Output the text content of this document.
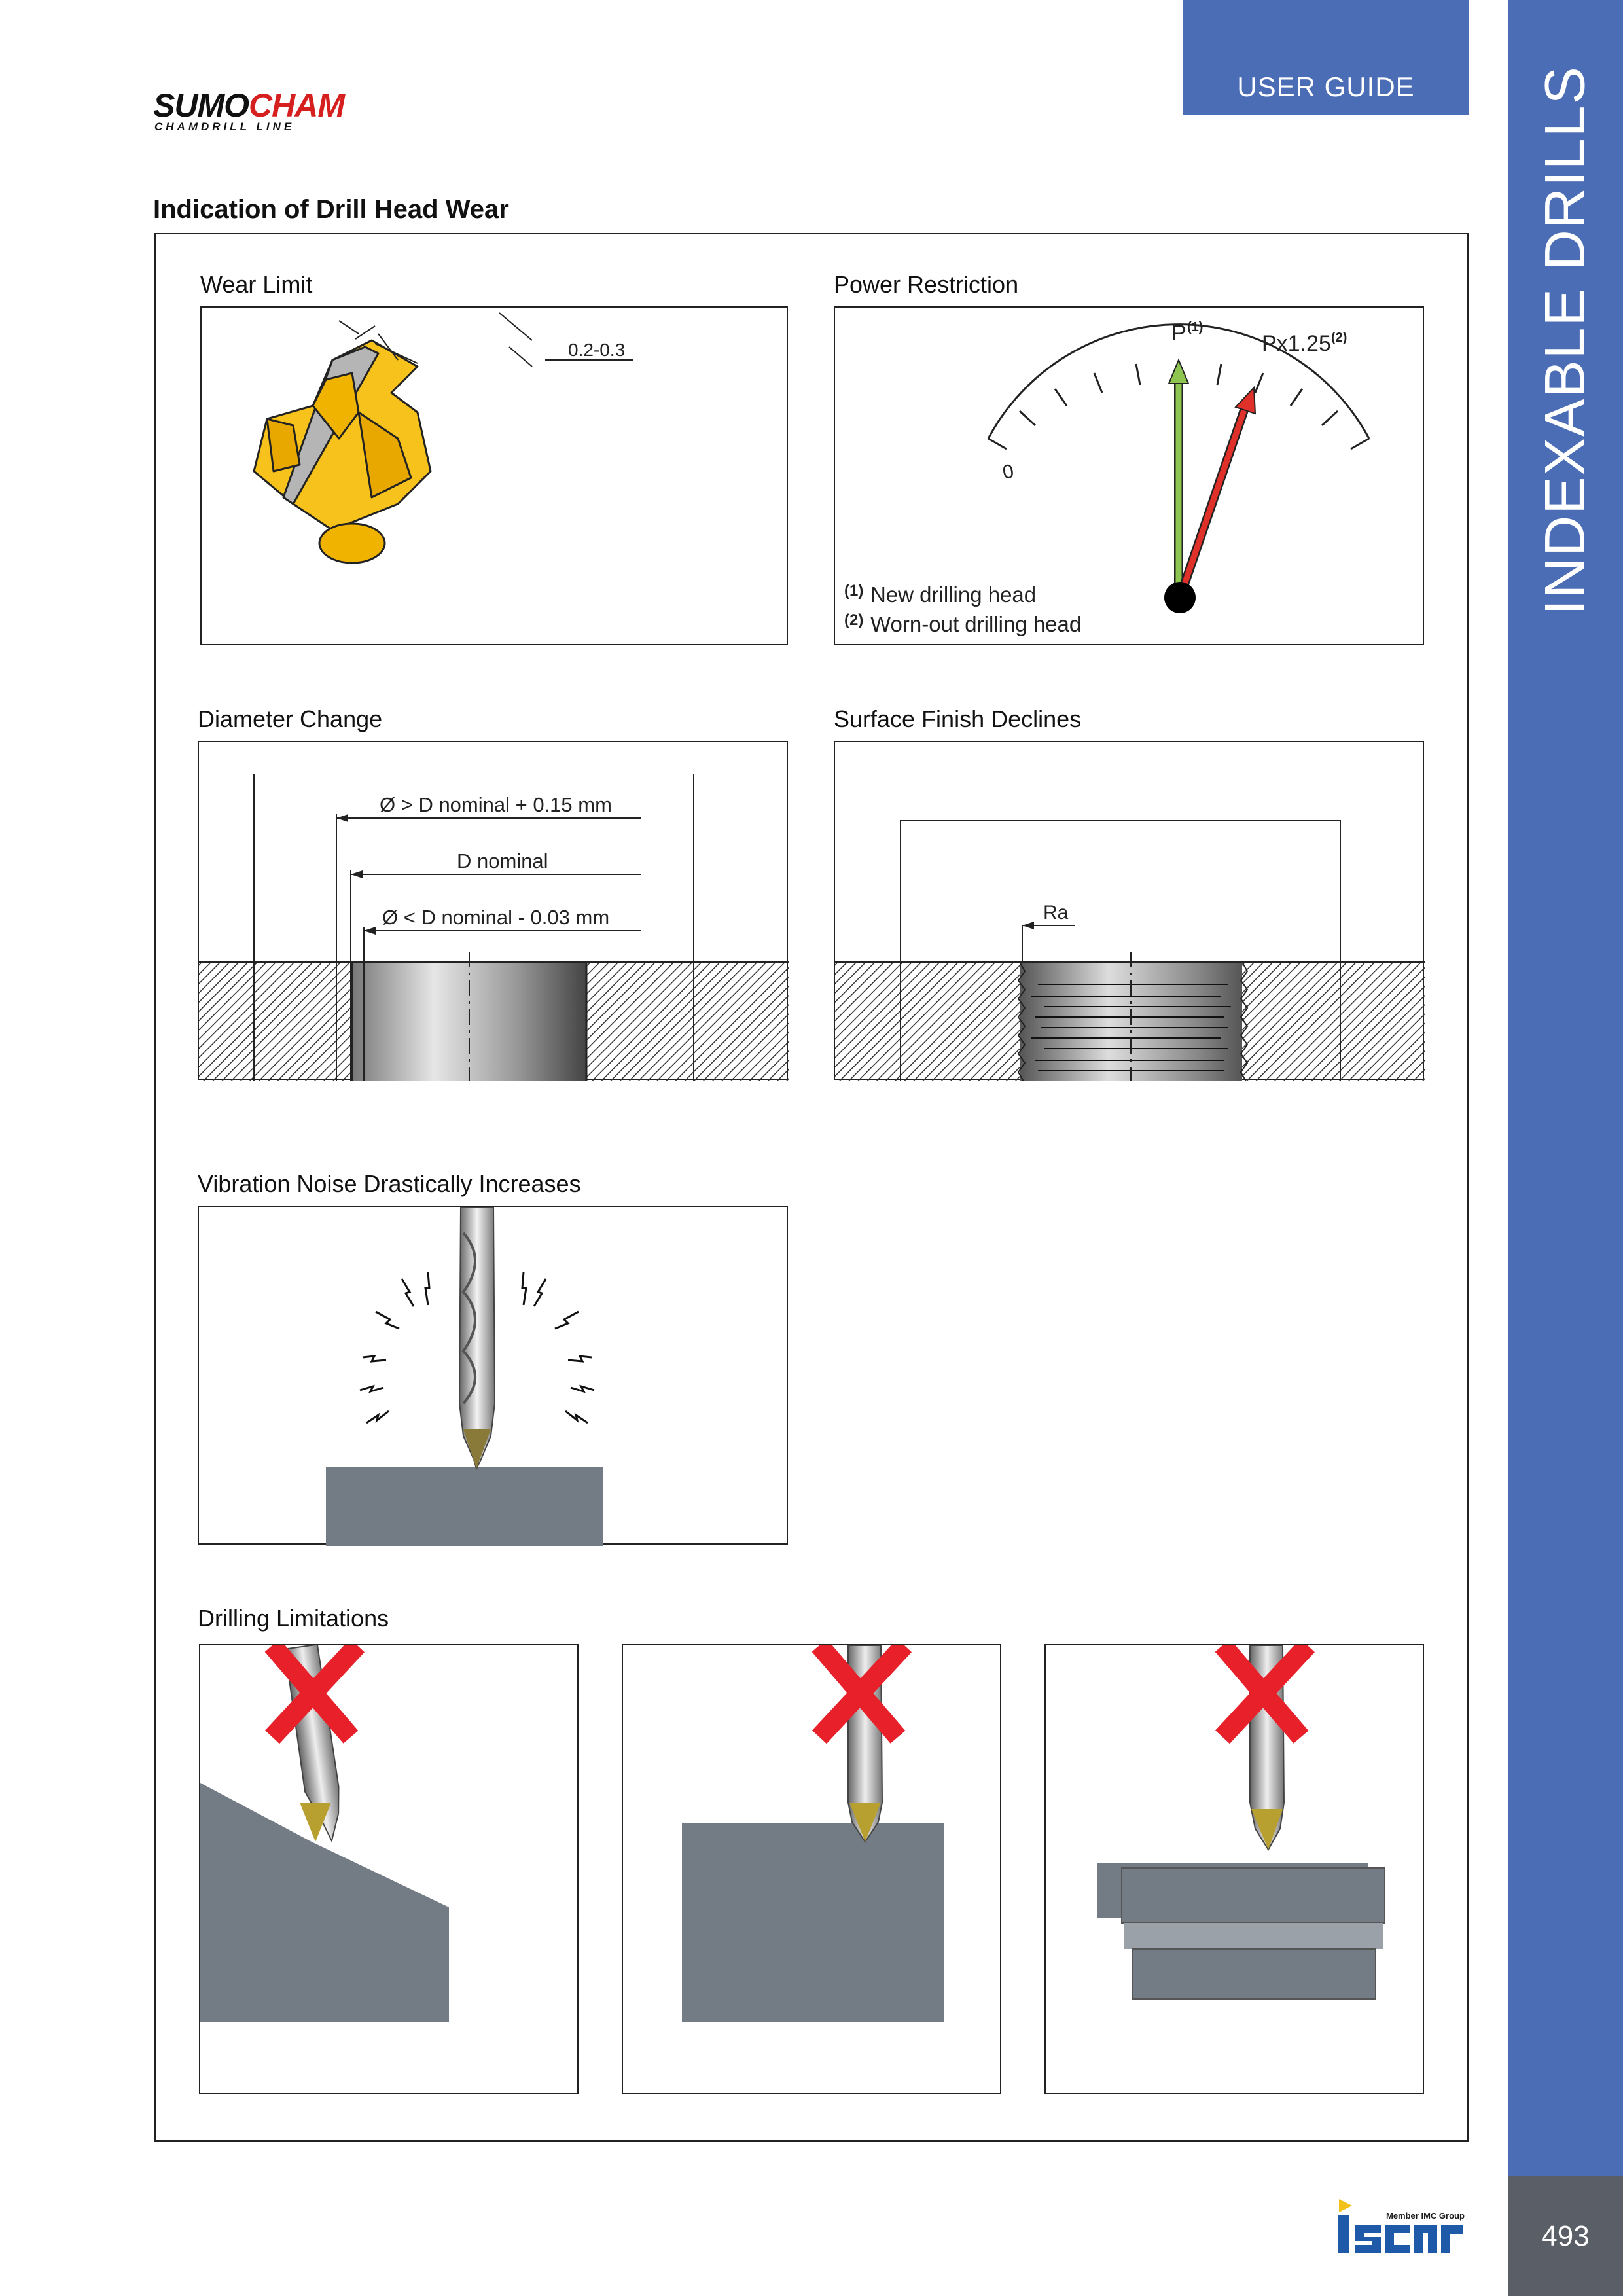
USER GUIDE INDEXABLE DRILLS
493
SUMOCHAM
CHAMDRILL LINE
Indication of Drill Head Wear
Wear Limit	Power Restriction
Diameter Change	Surface Finish Declines
Vibration Noise Drastically Increases
Drilling Limitations
0.2-0.3
0
P (1)
Px1.25 (2)
(1) New drilling head
(2) Worn-out drilling head
Ø > D nominal + 0.15 mm
D nominal
Ø < D nominal - 0.03 mm	Ra
Member IMC Group
